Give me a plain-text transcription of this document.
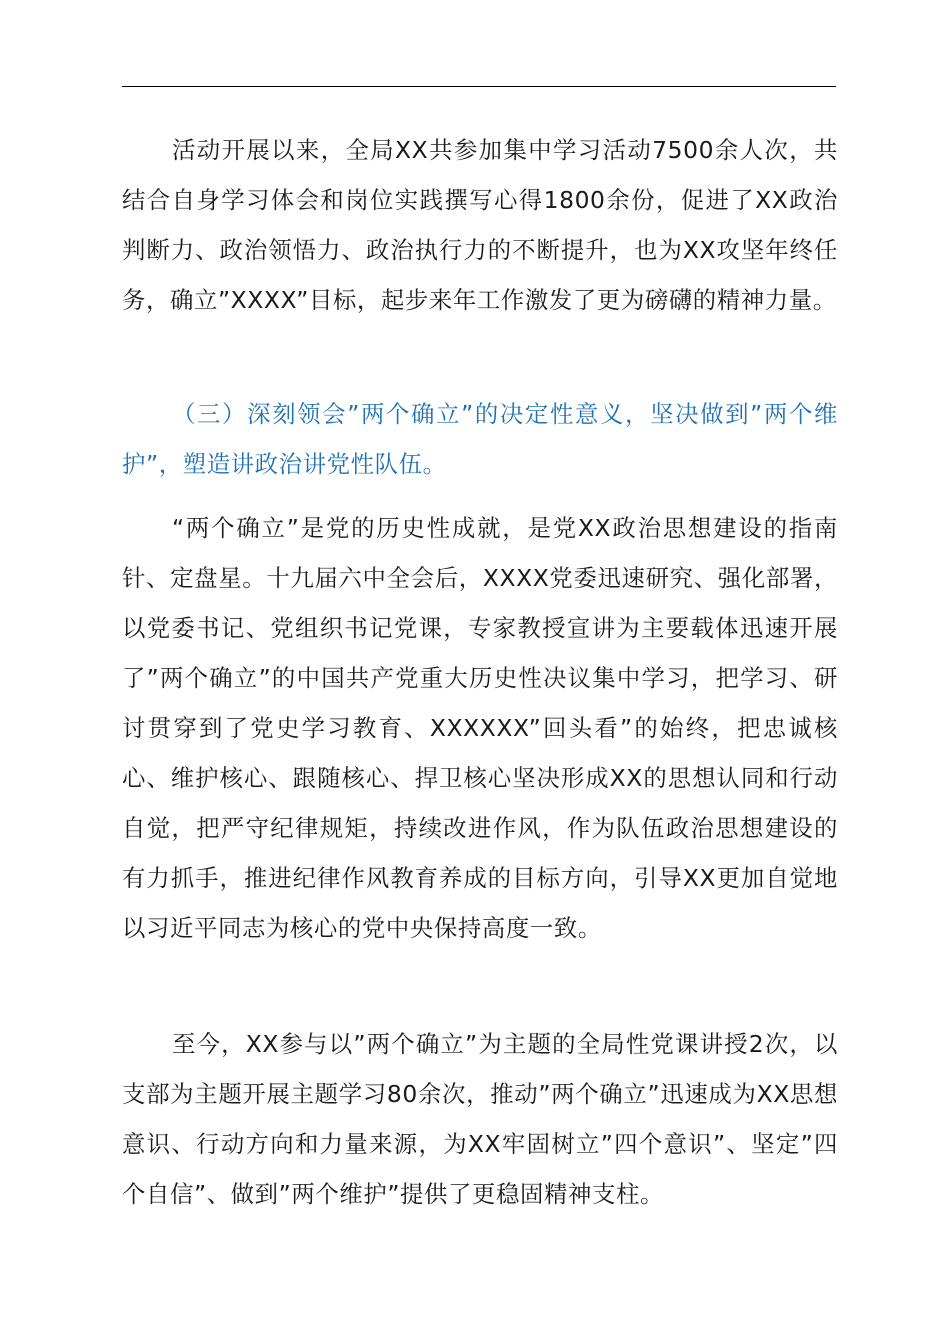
活动开展以来，全局XX共参加集中学习活动7500余人次，共结合自身学习体会和岗位实践撰写心得1800余份，促进了XX政治判断力、政治领悟力、政治执行力的不断提升，也为XX攻坚年终任务，确立”XXXX”目标，起步来年工作激发了更为磅礴的精神力量。

（三）深刻领会”两个确立”的决定性意义，坚决做到”两个维护”，塑造讲政治讲党性队伍。

“两个确立”是党的历史性成就，是党XX政治思想建设的指南针、定盘星。十九届六中全会后，XXXX党委迅速研究、强化部署，以党委书记、党组织书记党课，专家教授宣讲为主要载体迅速开展了”两个确立”的中国共产党重大历史性决议集中学习，把学习、研讨贯穿到了党史学习教育、XXXXXX”回头看”的始终，把忠诚核心、维护核心、跟随核心、捍卫核心坚决形成XX的思想认同和行动自觉，把严守纪律规矩，持续改进作风，作为队伍政治思想建设的有力抓手，推进纪律作风教育养成的目标方向，引导XX更加自觉地以习近平同志为核心的党中央保持高度一致。

至今，XX参与以”两个确立”为主题的全局性党课讲授2次，以支部为主题开展主题学习80余次，推动”两个确立”迅速成为XX思想意识、行动方向和力量来源，为XX牢固树立”四个意识”、坚定”四个自信”、做到”两个维护”提供了更稳固精神支柱。
